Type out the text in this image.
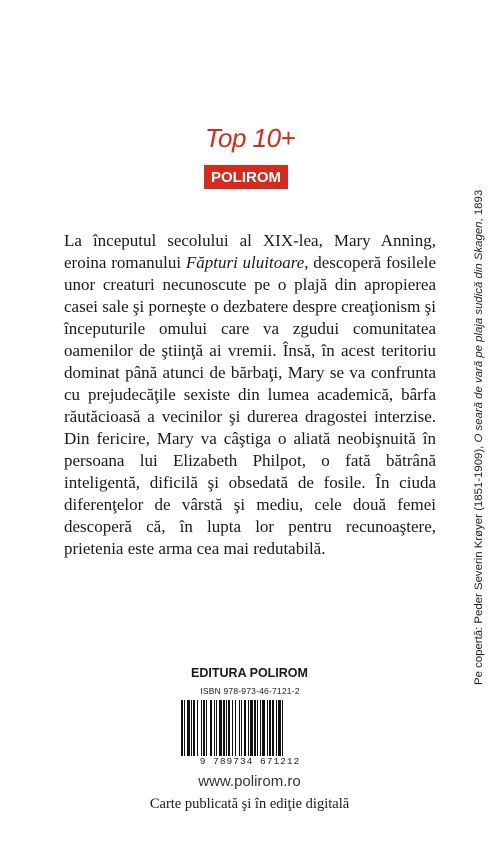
Top 10+
POLIROM
La începutul secolului al XIX-lea, Mary Anning, eroina romanului Făpturi uluitoare, descoperă fosilele unor creaturi necunoscute pe o plajă din apropierea casei sale şi porneşte o dezbatere despre creaţionism şi începuturile omului care va zgudui comunitatea oamenilor de ştiinţă ai vremii. Însă, în acest teritoriu dominat până atunci de bărbaţi, Mary se va confrunta cu prejudecăţile sexiste din lumea academică, bârfa răutăcioasă a vecinilor şi durerea dragostei interzise. Din fericire, Mary va câştiga o aliată neobişnuită în persoana lui Elizabeth Philpot, o fată bătrână inteligentă, dificilă şi obsedată de fosile. În ciuda diferenţelor de vârstă şi mediu, cele două femei descoperă că, în lupta lor pentru recunoaştere, prietenia este arma cea mai redutabilă.	Pe copertă: Peder Severin Krøyer (1851-1909), O seară de vară pe plaja sudică din Skagen, 1893
EDITURA POLIROM
ISBN 978-973-46-7121-2
9 789734 671212
www.polirom.ro
Carte publicată şi în ediţie digitală
